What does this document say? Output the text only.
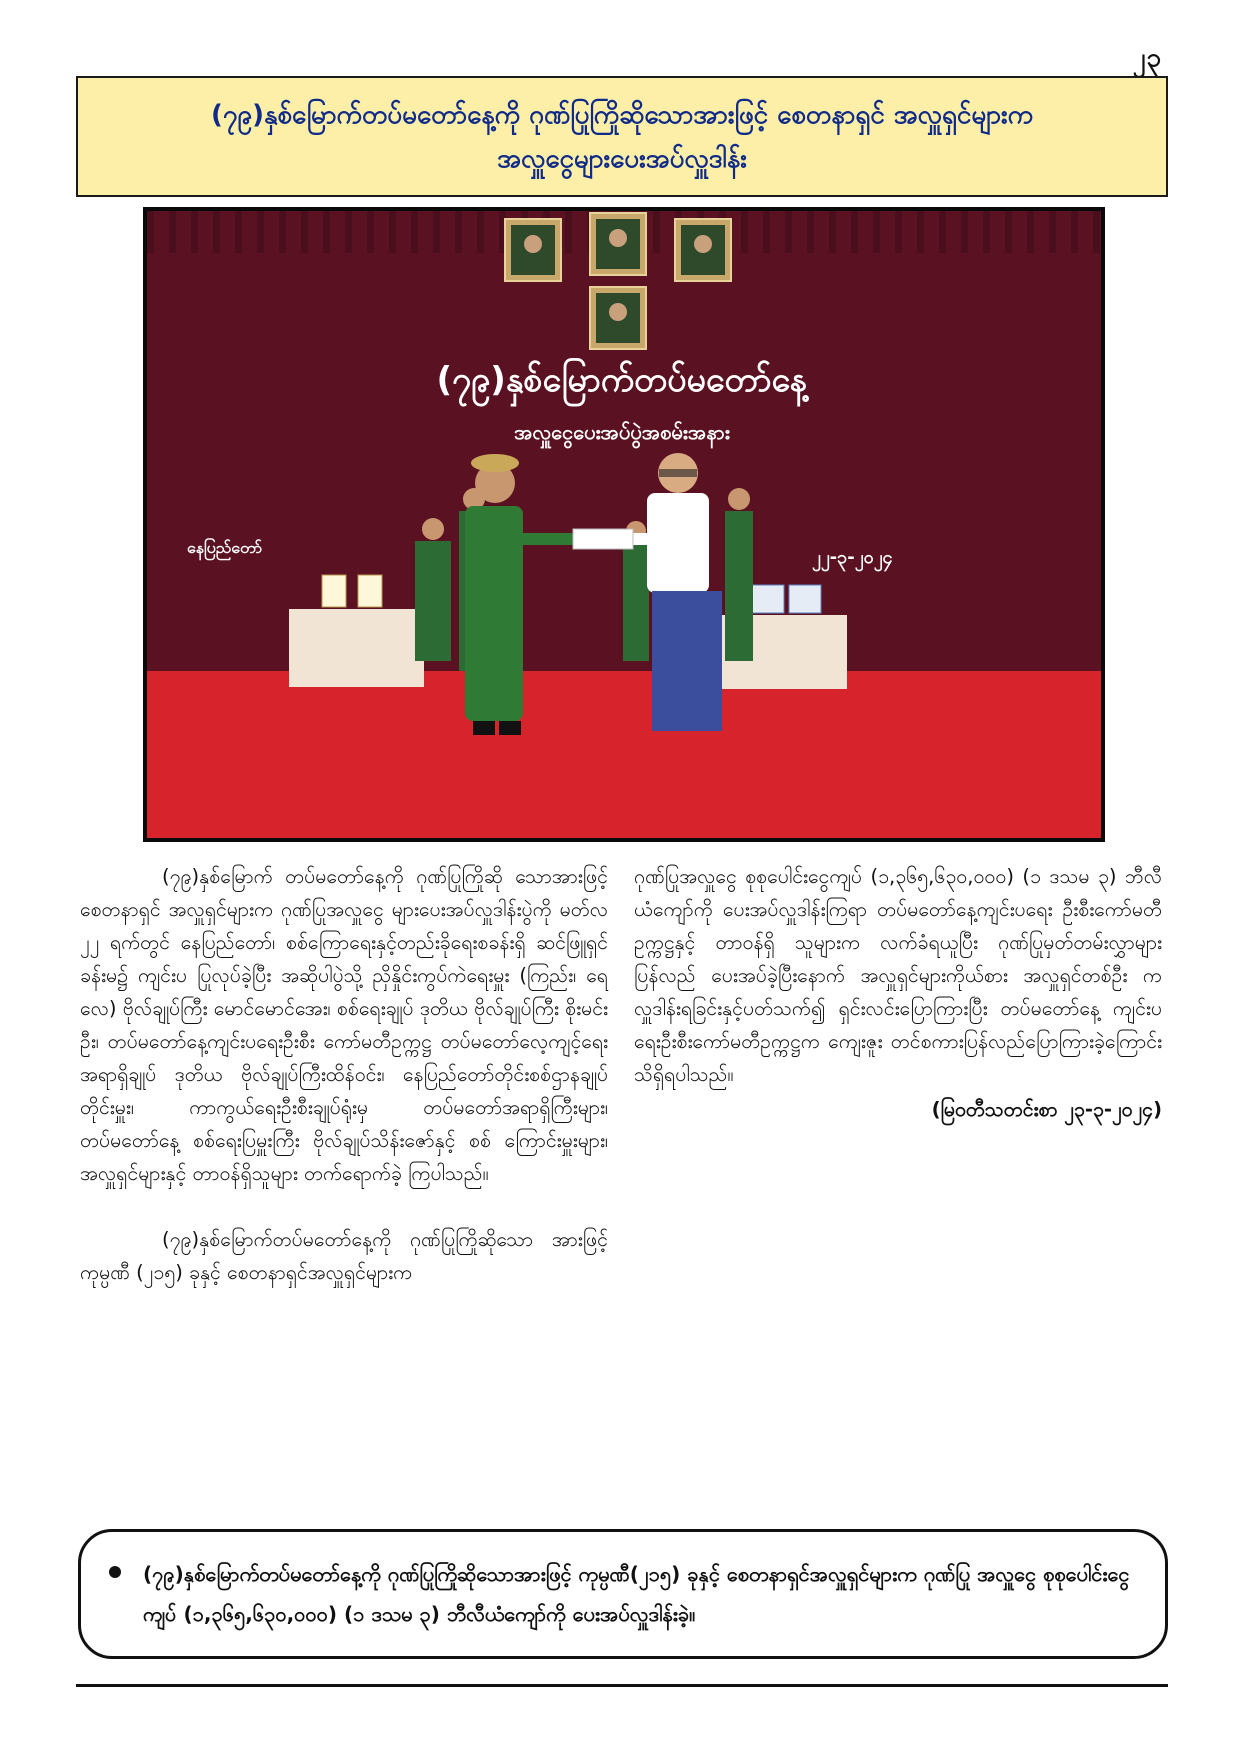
၂၃
(၇၉)နှစ်မြောက်တပ်မတော်နေ့ကို ဂုဏ်ပြုကြိုဆိုသောအားဖြင့် စေတနာရှင် အလှူရှင်များက
အလှူငွေများပေးအပ်လှူဒါန်း
(၇၉)နှစ်မြောက်တပ်မတော်နေ့
အလှူငွေပေးအပ်ပွဲအစမ်းအနား
နေပြည်တော်	၂၂-၃-၂၀၂၄

(၇၉)နှစ်မြောက် တပ်မတော်နေ့ကို ဂုဏ်ပြုကြိုဆို သောအားဖြင့် စေတနာရှင် အလှူရှင်များက ဂုဏ်ပြုအလှူငွေ များပေးအပ်လှူဒါန်းပွဲကို မတ်လ ၂၂ ရက်တွင် နေပြည်တော်၊ စစ်ကြောရေးနှင့်တည်းခိုရေးစခန်းရှိ ဆင်ဖြူရှင်ခန်းမ၌ ကျင်းပ ပြုလုပ်ခဲ့ပြီး အဆိုပါပွဲသို့ ညှိနှိုင်းကွပ်ကဲရေးမှူး (ကြည်း၊ ရေ လေ) ဗိုလ်ချုပ်ကြီး မောင်မောင်အေး၊ စစ်ရေးချုပ် ဒုတိယ ဗိုလ်ချုပ်ကြီး စိုးမင်းဦး၊ တပ်မတော်နေ့ကျင်းပရေးဦးစီး ကော်မတီဥက္ကဋ္ဌ တပ်မတော်လေ့ကျင့်ရေးအရာရှိချုပ် ဒုတိယ ဗိုလ်ချုပ်ကြီးထိန်ဝင်း၊ နေပြည်တော်တိုင်းစစ်ဌာနချုပ် တိုင်းမှူး၊ ကာကွယ်ရေးဦးစီးချုပ်ရုံးမှ တပ်မတော်အရာရှိကြီးများ၊ တပ်မတော်နေ့ စစ်ရေးပြမှူးကြီး ဗိုလ်ချုပ်သိန်းဇော်နှင့် စစ် ကြောင်းမှူးများ၊ အလှူရှင်များနှင့် တာဝန်ရှိသူများ တက်ရောက်ခဲ့ ကြပါသည်။

(၇၉)နှစ်မြောက်တပ်မတော်နေ့ကို ဂုဏ်ပြုကြိုဆိုသော အားဖြင့် ကုမ္ပဏီ (၂၁၅) ခုနှင့် စေတနာရှင်အလှူရှင်များက

ဂုဏ်ပြုအလှူငွေ စုစုပေါင်းငွေကျပ် (၁,၃၆၅,၆၃၀,၀၀၀) (၁ ဒသမ ၃) ဘီလီယံကျော်ကို ပေးအပ်လှူဒါန်းကြရာ တပ်မတော်နေ့ကျင်းပရေး ဦးစီးကော်မတီဥက္ကဋ္ဌနှင့် တာဝန်ရှိ သူများက လက်ခံရယူပြီး ဂုဏ်ပြုမှတ်တမ်းလွှာများ ပြန်လည် ပေးအပ်ခဲ့ပြီးနောက် အလှူရှင်များကိုယ်စား အလှူရှင်တစ်ဦး က လှူဒါန်းရခြင်းနှင့်ပတ်သက်၍ ရှင်းလင်းပြောကြားပြီး တပ်မတော်နေ့ ကျင်းပရေးဦးစီးကော်မတီဥက္ကဋ္ဌက ကျေးဇူး တင်စကားပြန်လည်ပြောကြားခဲ့ကြောင်း သိရှိရပါသည်။

(မြဝတီသတင်းစာ ၂၃-၃-၂၀၂၄)

(၇၉)နှစ်မြောက်တပ်မတော်နေ့ကို ဂုဏ်ပြုကြိုဆိုသောအားဖြင့် ကုမ္ပဏီ(၂၁၅) ခုနှင့် စေတနာရှင်အလှူရှင်များက ဂုဏ်ပြု အလှူငွေ စုစုပေါင်းငွေကျပ် (၁,၃၆၅,၆၃၀,၀၀၀) (၁ ဒသမ ၃) ဘီလီယံကျော်ကို ပေးအပ်လှူဒါန်းခဲ့။
